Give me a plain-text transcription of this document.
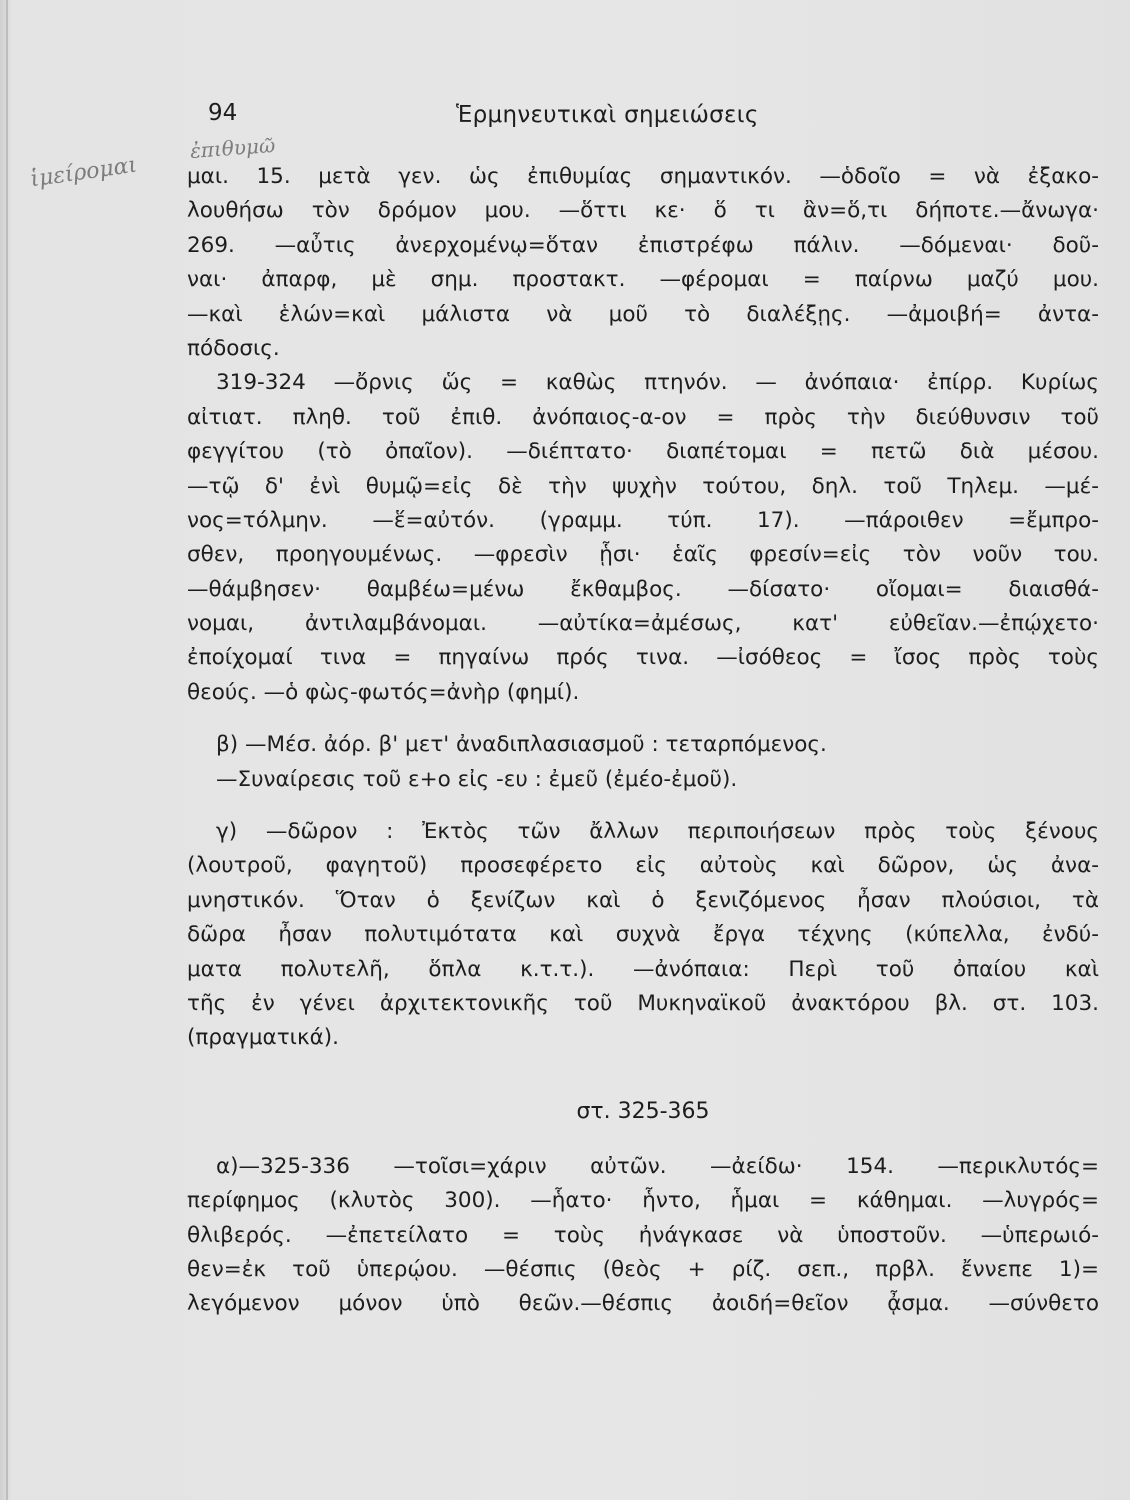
94	Ἑρμηνευτικαὶ σημειώσεις
ἐπιθυμῶ
ἱμείρομαι μαι. 15. μετὰ γεν. ὡς ἐπιθυμίας σημαντικόν. —ὁδοῖο = νὰ ἐξακο-
λουθήσω τὸν δρόμον μου. —ὅττι κε· ὅ τι ἂν=ὅ,τι δήποτε.—ἄνωγα·
269. —αὖτις ἀνερχομένῳ=ὅταν ἐπιστρέφω πάλιν. —δόμεναι· δοῦ-
ναι· ἀπαρφ, μὲ σημ. προστακτ. —φέρομαι = παίρνω μαζύ μου.
—καὶ ἑλών=καὶ μάλιστα νὰ μοῦ τὸ διαλέξῃς. —ἀμοιβή= ἀντα-
πόδοσις.
319-324 —ὄρνις ὥς = καθὼς πτηνόν. — ἀνόπαια· ἐπίρρ. Κυρίως
αἰτιατ. πληθ. τοῦ ἐπιθ. ἀνόπαιος-α-ον = πρὸς τὴν διεύθυνσιν τοῦ
φεγγίτου (τὸ ὀπαῖον). —διέπτατο· διαπέτομαι = πετῶ διὰ μέσου.
—τῷ δ' ἐνὶ θυμῷ=εἰς δὲ τὴν ψυχὴν τούτου, δηλ. τοῦ Τηλεμ. —μέ-
νος=τόλμην. —ἕ=αὐτόν. (γραμμ. τύπ. 17). —πάροιθεν =ἔμπρο-
σθεν, προηγουμένως. —φρεσὶν ᾗσι· ἑαῖς φρεσίν=εἰς τὸν νοῦν του.
—θάμβησεν· θαμβέω=μένω ἔκθαμβος. —δίσατο· οἴομαι= διαισθά-
νομαι, ἀντιλαμβάνομαι. —αὐτίκα=ἀμέσως, κατ' εὐθεῖαν.—ἐπῴχετο·
ἐποίχομαί τινα = πηγαίνω πρός τινα. —ἰσόθεος = ἴσος πρὸς τοὺς
θεούς. —ὁ φὼς-φωτός=ἀνὴρ (φημί).
β) —Μέσ. ἀόρ. β' μετ' ἀναδιπλασιασμοῦ : τεταρπόμενος.
—Συναίρεσις τοῦ ε+ο εἰς -ευ : ἐμεῦ (ἐμέο-ἐμοῦ).
γ) —δῶρον : Ἐκτὸς τῶν ἄλλων περιποιήσεων πρὸς τοὺς ξένους
(λουτροῦ, φαγητοῦ) προσεφέρετο εἰς αὐτοὺς καὶ δῶρον, ὡς ἀνα-
μνηστικόν. Ὅταν ὁ ξενίζων καὶ ὁ ξενιζόμενος ἦσαν πλούσιοι, τὰ
δῶρα ἦσαν πολυτιμότατα καὶ συχνὰ ἔργα τέχνης (κύπελλα, ἐνδύ-
ματα πολυτελῆ, ὅπλα κ.τ.τ.). —ἀνόπαια: Περὶ τοῦ ὀπαίου καὶ
τῆς ἐν γένει ἀρχιτεκτονικῆς τοῦ Μυκηναϊκοῦ ἀνακτόρου βλ. στ. 103.
(πραγματικά).
στ. 325-365
α)—325-336 —τοῖσι=χάριν αὐτῶν. —ἀείδω· 154. —περικλυτός=
περίφημος (κλυτὸς 300). —ἧατο· ἧντο, ἧμαι = κάθημαι. —λυγρός=
θλιβερός. —ἐπετείλατο = τοὺς ἠνάγκασε νὰ ὑποστοῦν. —ὑπερωιό-
θεν=ἐκ τοῦ ὑπερῴου. —θέσπις (θεὸς + ρίζ. σεπ., πρβλ. ἔννεπε 1)=
λεγόμενον μόνον ὑπὸ θεῶν.—θέσπις ἀοιδή=θεῖον ᾆσμα. —σύνθετο
